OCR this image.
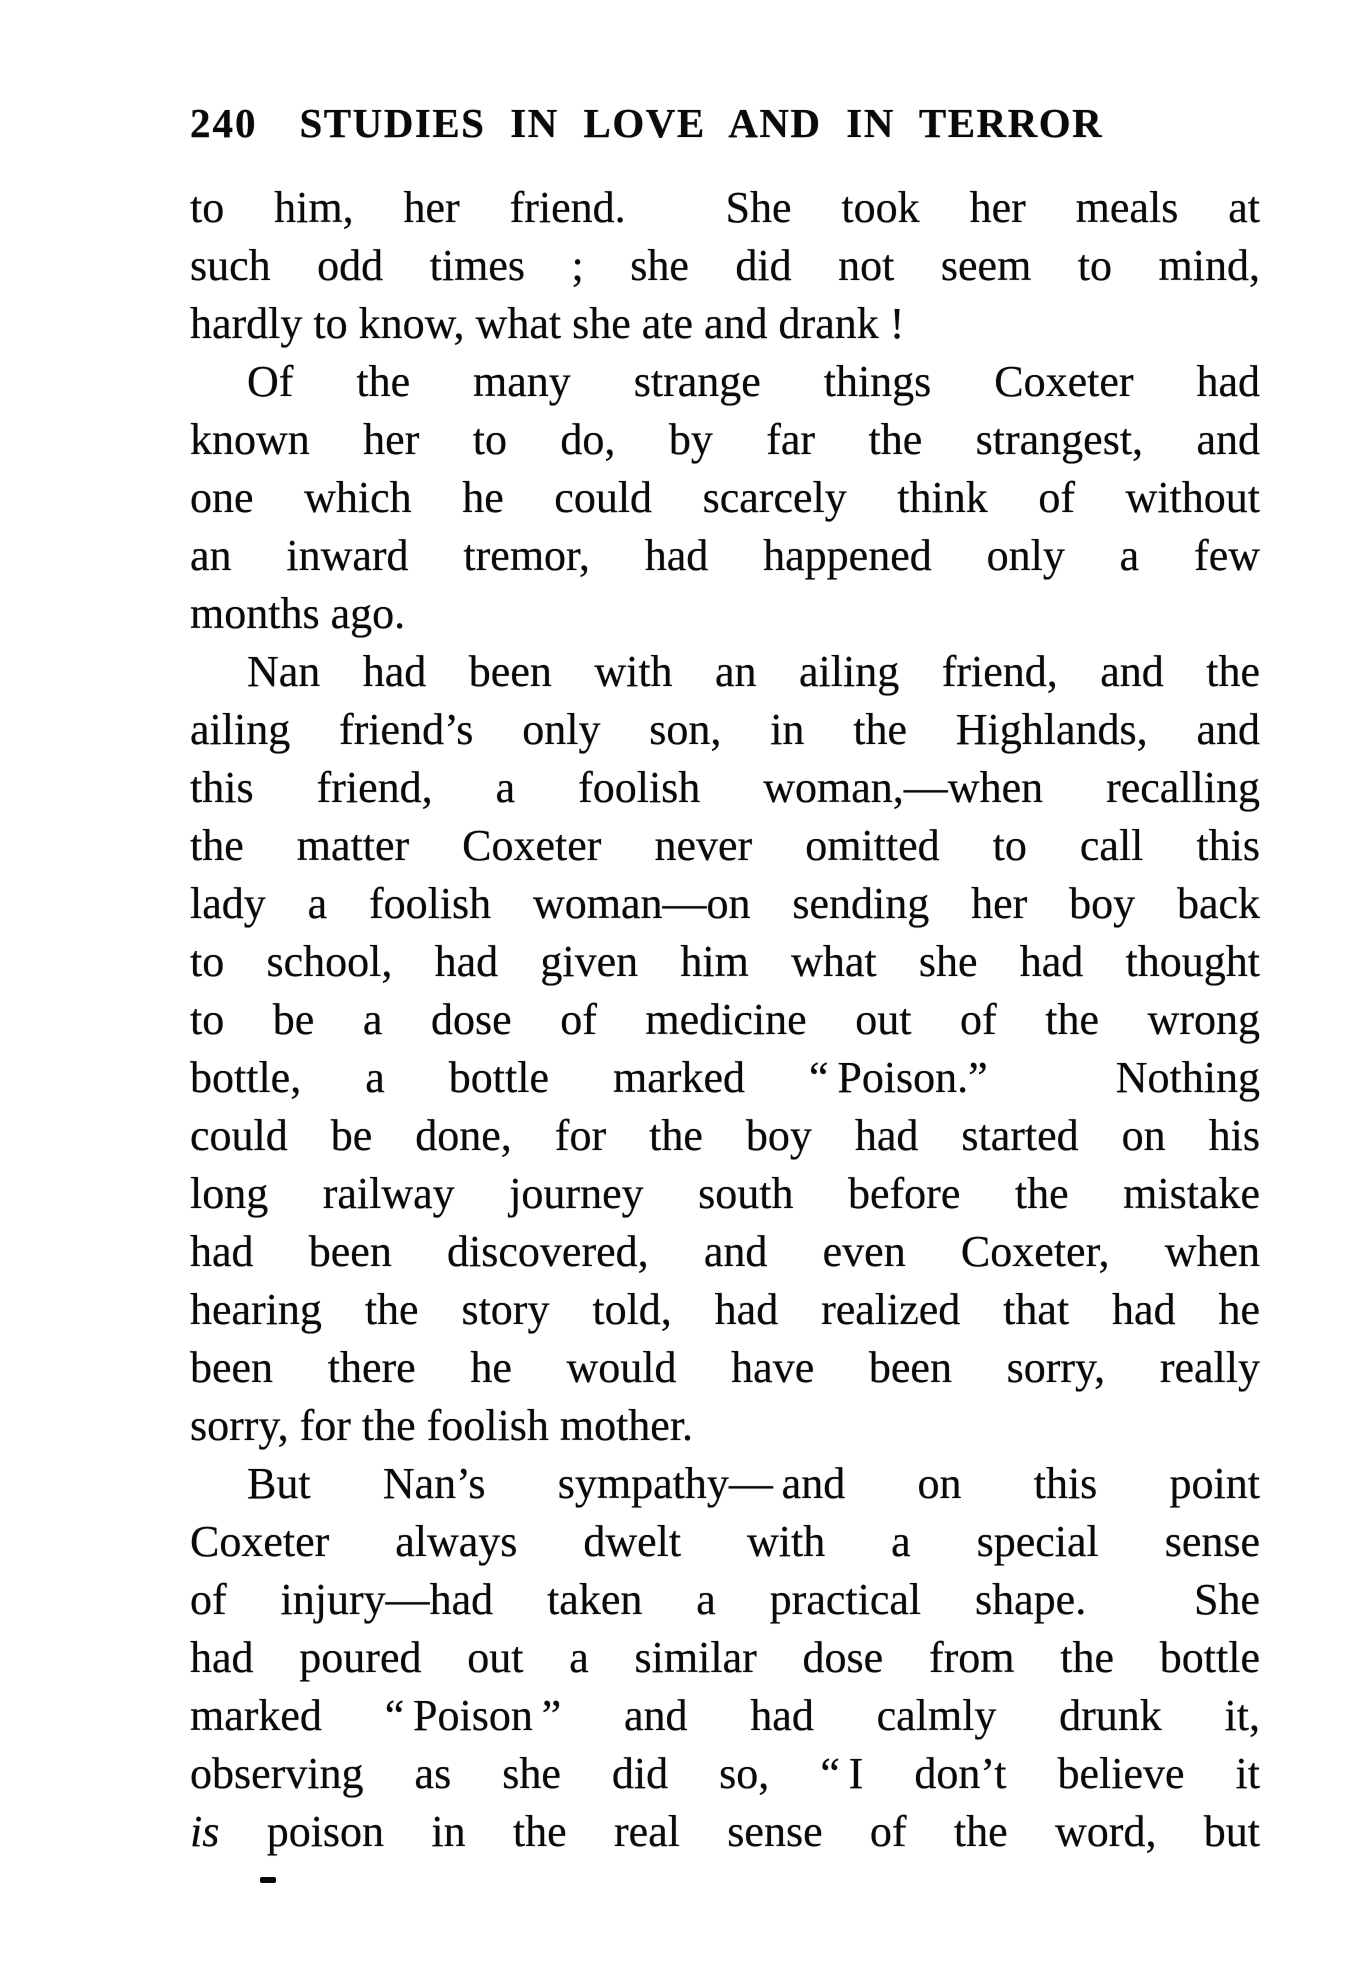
240 STUDIES IN LOVE AND IN TERROR
to him, her friend.  She took her meals at
such odd times ; she did not seem to mind,
hardly to know, what she ate and drank !
Of the many strange things Coxeter had
known her to do, by far the strangest, and
one which he could scarcely think of without
an inward tremor, had happened only a few
months ago.
Nan had been with an ailing friend, and the
ailing friend’s only son, in the Highlands, and
this friend, a foolish woman,—when recalling
the matter Coxeter never omitted to call this
lady a foolish woman—on sending her boy back
to school, had given him what she had thought
to be a dose of medicine out of the wrong
bottle, a bottle marked “ Poison.”  Nothing
could be done, for the boy had started on his
long railway journey south before the mistake
had been discovered, and even Coxeter, when
hearing the story told, had realized that had he
been there he would have been sorry, really
sorry, for the foolish mother.
But Nan’s sympathy— and on this point
Coxeter always dwelt with a special sense
of injury—had taken a practical shape.  She
had poured out a similar dose from the bottle
marked “ Poison ” and had calmly drunk it,
observing as she did so, “ I don’t believe it
is poison in the real sense of the word, but
